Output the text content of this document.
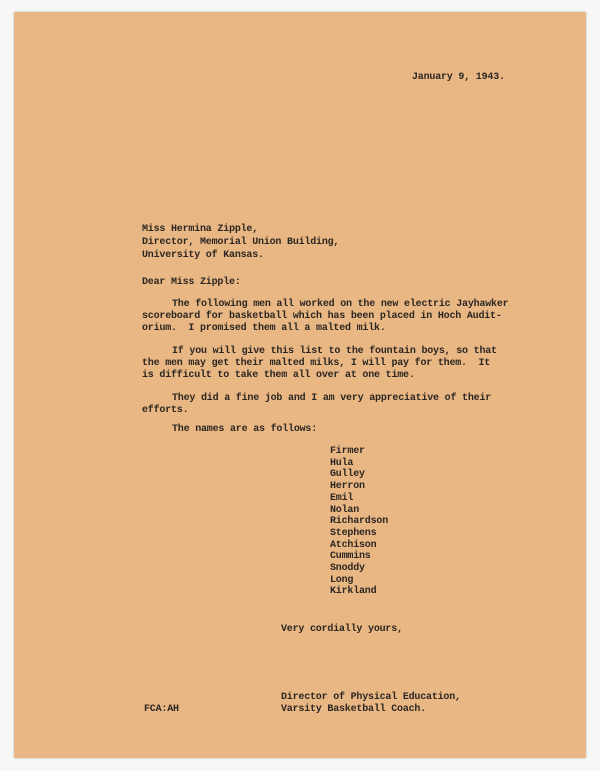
January 9, 1943.
Miss Hermina Zipple,
Director, Memorial Union Building,
University of Kansas.
Dear Miss Zipple:
The following men all worked on the new electric Jayhawker
scoreboard for basketball which has been placed in Hoch Audit-
orium.  I promised them all a malted milk.
If you will give this list to the fountain boys, so that
the men may get their malted milks, I will pay for them.  It
is difficult to take them all over at one time.
They did a fine job and I am very appreciative of their
efforts.
The names are as follows:
Firmer
Hula
Gulley
Herron
Emil
Nolan
Richardson
Stephens
Atchison
Cummins
Snoddy
Long
Kirkland
Very cordially yours,
Director of Physical Education,
Varsity Basketball Coach.
FCA:AH
